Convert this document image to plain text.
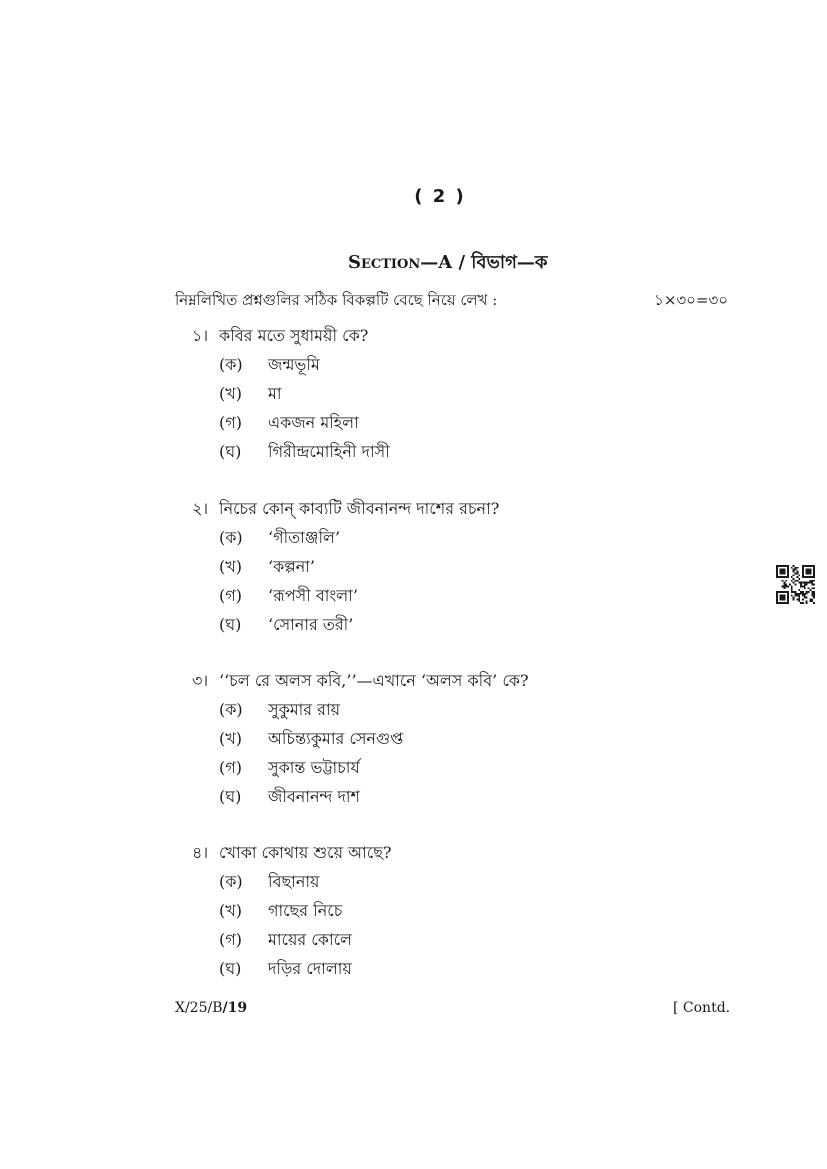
( 2 )
Section—A / বিভাগ—ক
নিম্নলিখিত প্রশ্নগুলির সঠিক বিকল্পটি বেছে নিয়ে লেখ :	১×৩০=৩০
১। কবির মতে সুধাময়ী কে?
(ক) জন্মভূমি
(খ) মা
(গ) একজন মহিলা
(ঘ) গিরীন্দ্রমোহিনী দাসী
২। নিচের কোন্ কাব্যটি জীবনানন্দ দাশের রচনা?
(ক) ‘গীতাঞ্জলি’
(খ) ‘কল্পনা’
(গ) ‘রূপসী বাংলা’
(ঘ) ‘সোনার তরী’
৩। ‘‘চল রে অলস কবি,’’—এখানে ‘অলস কবি’ কে?
(ক) সুকুমার রায়
(খ) অচিন্ত্যকুমার সেনগুপ্ত
(গ) সুকান্ত ভট্টাচার্য
(ঘ) জীবনানন্দ দাশ
৪। খোকা কোথায় শুয়ে আছে?
(ক) বিছানায়
(খ) গাছের নিচে
(গ) মায়ের কোলে
(ঘ) দড়ির দোলায়
X/25/B/19	[ Contd.
